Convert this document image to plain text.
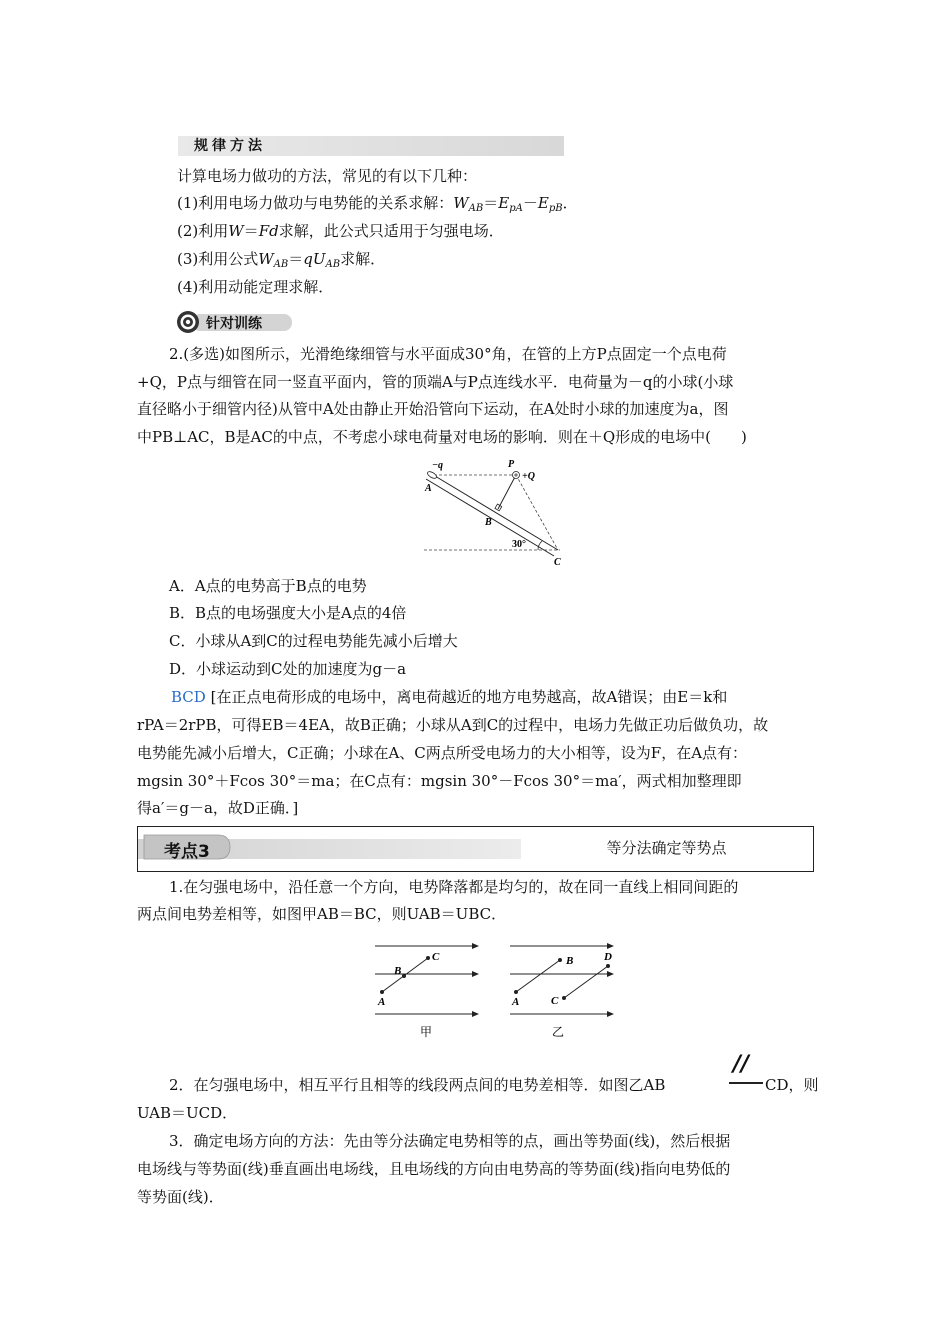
规律方法
计算电场力做功的方法，常见的有以下几种：
(1)利用电场力做功与电势能的关系求解：$W_{AB}=E_{pA}-E_{pB}$．
(2)利用W＝Fd求解，此公式只适用于匀强电场．
(3)利用公式$W_{AB}=qU_{AB}$求解．
(4)利用动能定理求解．
针对训练
2.(多选)如图所示，光滑绝缘细管与水平面成30°角，在管的上方P点固定一个点电荷
+Q，P点与细管在同一竖直平面内，管的顶端A与P点连线水平．电荷量为－q的小球(小球
直径略小于细管内径)从管中A处由静止开始沿管向下运动，在A处时小球的加速度为a，图
中PB⊥AC，B是AC的中点，不考虑小球电荷量对电场的影响．则在＋Q形成的电场中(　　)
−q
A
P
+Q
B
30°
C
A．A点的电势高于B点的电势
B．B点的电场强度大小是A点的4倍
C．小球从A到C的过程电势能先减小后增大
D．小球运动到C处的加速度为g－a
BCD [在正点电荷形成的电场中，离电荷越近的地方电势越高，故A错误；由E＝k和
rPA＝2rPB，可得EB＝4EA，故B正确；小球从A到C的过程中，电场力先做正功后做负功，故
电势能先减小后增大，C正确；小球在A、C两点所受电场力的大小相等，设为F，在A点有：
mgsin 30°＋Fcos 30°＝ma；在C点有：mgsin 30°－Fcos 30°＝ma′，两式相加整理即
得a′＝g－a，故D正确．]
考点3	等分法确定等势点
1.在匀强电场中，沿任意一个方向，电势降落都是均匀的，故在同一直线上相同间距的
两点间电势差相等，如图甲AB＝BC，则UAB＝UBC．
A
B
C
甲
A
B
C
D
乙
2．在匀强电场中，相互平行且相等的线段两点间的电势差相等．如图乙AB
//
CD，则
UAB＝UCD．
3．确定电场方向的方法：先由等分法确定电势相等的点，画出等势面(线)，然后根据
电场线与等势面(线)垂直画出电场线，且电场线的方向由电势高的等势面(线)指向电势低的
等势面(线)．
